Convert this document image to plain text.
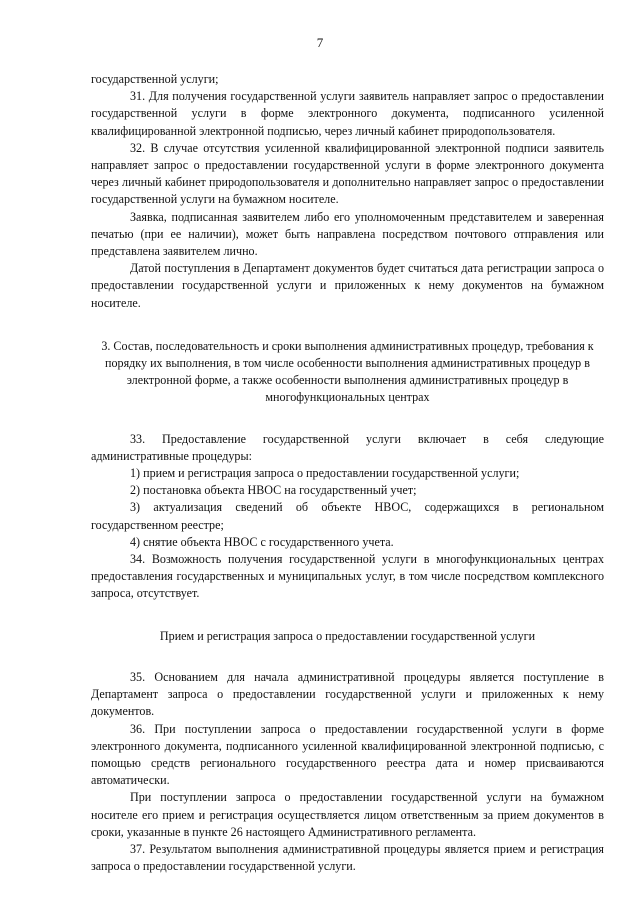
7

государственной услуги;

31. Для получения государственной услуги заявитель направляет запрос о предоставлении государственной услуги в форме электронного документа, подписанного усиленной квалифицированной электронной подписью, через личный кабинет природопользователя.

32. В случае отсутствия усиленной квалифицированной электронной подписи заявитель направляет запрос о предоставлении государственной услуги в форме электронного документа через личный кабинет природопользователя и дополнительно направляет запрос о предоставлении государственной услуги на бумажном носителе.

Заявка, подписанная заявителем либо его уполномоченным представителем и заверенная печатью (при ее наличии), может быть направлена посредством почтового отправления или представлена заявителем лично.

Датой поступления в Департамент документов будет считаться дата регистрации запроса о предоставлении государственной услуги и приложенных к нему документов на бумажном носителе.

3. Состав, последовательность и сроки выполнения административных процедур, требования к порядку их выполнения, в том числе особенности выполнения административных процедур в электронной форме, а также особенности выполнения административных процедур в многофункциональных центрах

33. Предоставление государственной услуги включает в себя следующие административные процедуры:

1) прием и регистрация запроса о предоставлении государственной услуги;

2) постановка объекта НВОС на государственный учет;

3) актуализация сведений об объекте НВОС, содержащихся в региональном государственном реестре;

4) снятие объекта НВОС с государственного учета.

34. Возможность получения государственной услуги в многофункциональных центрах предоставления государственных и муниципальных услуг, в том числе посредством комплексного запроса, отсутствует.

Прием и регистрация запроса о предоставлении государственной услуги

35. Основанием для начала административной процедуры является поступление в Департамент запроса о предоставлении государственной услуги и приложенных к нему документов.

36. При поступлении запроса о предоставлении государственной услуги в форме электронного документа, подписанного усиленной квалифицированной электронной подписью, с помощью средств регионального государственного реестра дата и номер присваиваются автоматически.

При поступлении запроса о предоставлении государственной услуги на бумажном носителе его прием и регистрация осуществляется лицом ответственным за прием документов в сроки, указанные в пункте 26 настоящего Административного регламента.

37. Результатом выполнения административной процедуры является прием и регистрация запроса о предоставлении государственной услуги.
